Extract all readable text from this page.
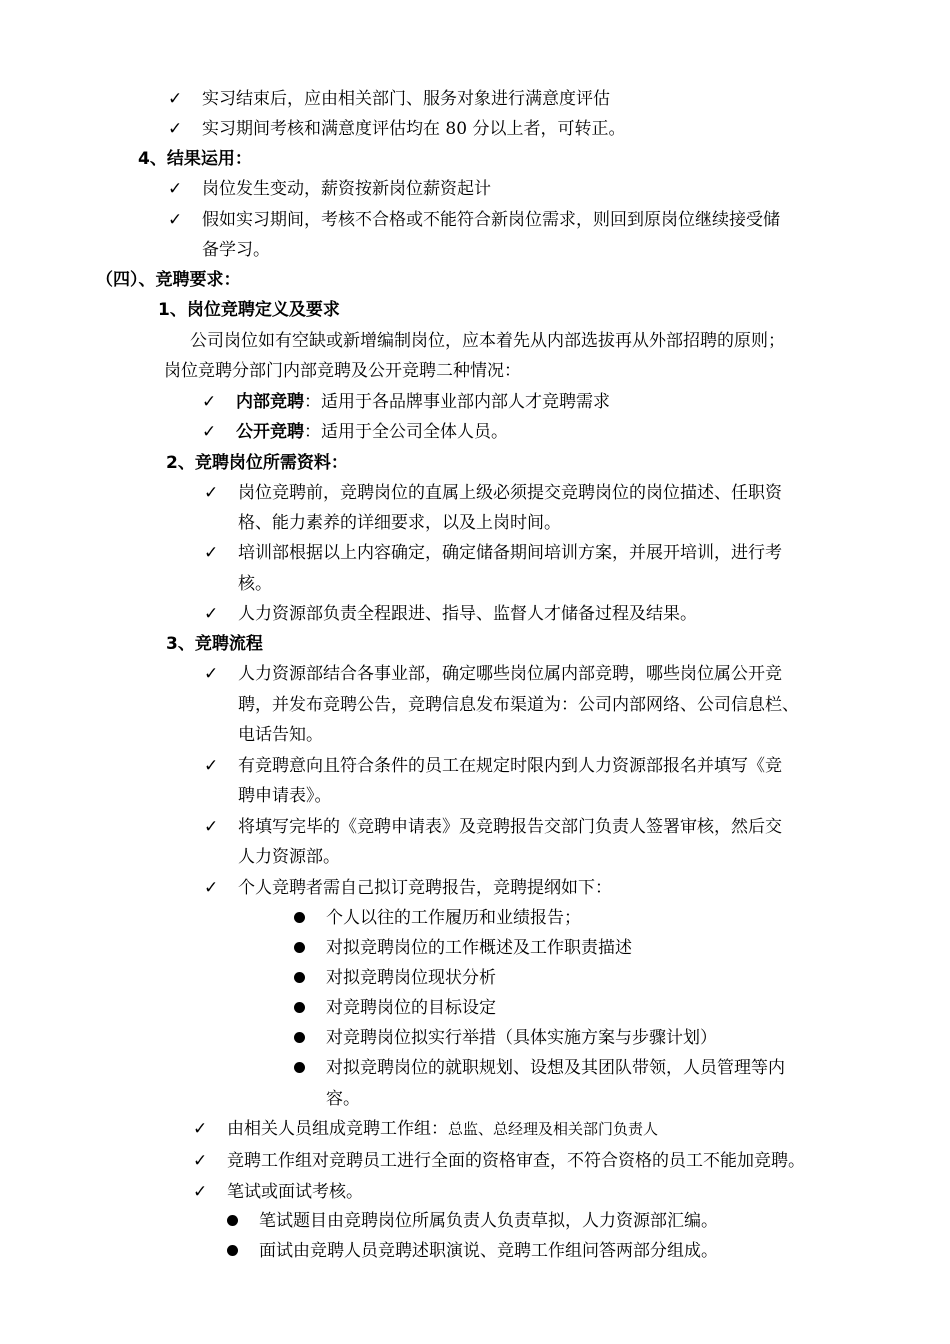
✓
✓
✓
✓
✓
✓
✓
✓
✓
✓
✓
✓
✓
✓
✓
✓
实习结束后，应由相关部门、服务对象进行满意度评估
实习期间考核和满意度评估均在 80 分以上者，可转正。
4、结果运用：
岗位发生变动，薪资按新岗位薪资起计
假如实习期间，考核不合格或不能符合新岗位需求，则回到原岗位继续接受储
备学习。
（四）、竞聘要求：
1、岗位竞聘定义及要求
公司岗位如有空缺或新增编制岗位，应本着先从内部选拔再从外部招聘的原则；
岗位竞聘分部门内部竞聘及公开竞聘二种情况：
内部竞聘：适用于各品牌事业部内部人才竞聘需求
公开竞聘：适用于全公司全体人员。
2、竞聘岗位所需资料：
岗位竞聘前，竞聘岗位的直属上级必须提交竞聘岗位的岗位描述、任职资
格、能力素养的详细要求，以及上岗时间。
培训部根据以上内容确定，确定储备期间培训方案，并展开培训，进行考
核。
人力资源部负责全程跟进、指导、监督人才储备过程及结果。
3、竞聘流程
人力资源部结合各事业部，确定哪些岗位属内部竞聘，哪些岗位属公开竞
聘，并发布竞聘公告，竞聘信息发布渠道为：公司内部网络、公司信息栏、
电话告知。
有竞聘意向且符合条件的员工在规定时限内到人力资源部报名并填写《竞
聘申请表》。
将填写完毕的《竞聘申请表》及竞聘报告交部门负责人签署审核，然后交
人力资源部。
个人竞聘者需自己拟订竞聘报告，竞聘提纲如下：
个人以往的工作履历和业绩报告；
对拟竞聘岗位的工作概述及工作职责描述
对拟竞聘岗位现状分析
对竞聘岗位的目标设定
对竞聘岗位拟实行举措（具体实施方案与步骤计划）
对拟竞聘岗位的就职规划、设想及其团队带领，人员管理等内
容。
由相关人员组成竞聘工作组：总监、总经理及相关部门负责人
竞聘工作组对竞聘员工进行全面的资格审查，不符合资格的员工不能加竞聘。
笔试或面试考核。
笔试题目由竞聘岗位所属负责人负责草拟，人力资源部汇编。
面试由竞聘人员竞聘述职演说、竞聘工作组问答两部分组成。
